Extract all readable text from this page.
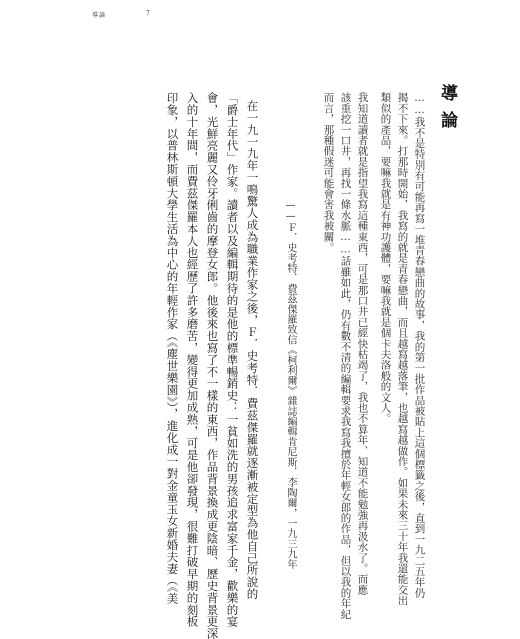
導論	7
導論
……我不是特別有可能再寫一堆青春戀曲的故事，我的第一批作品被貼上這個標籤之後，直到一九二五年仍
揭不下來。打那時開始，我寫的就是青春戀曲，而且越寫越落筆，也越寫越做作。如果未來三十年我還能交出
類似的產品，要嘛我就是有神功護體，要嘛我就是個卡夫洛般的文人。
我知道讀者就是指望我寫這種東西，可是那口井已經快枯竭了，我也不算年、知道不能勉強再汲水了。而應
該重挖一口井，再找一條水脈……話雖如此，仍有數不清的編輯要求我寫我擅於年輕女郎的作品，但以我的年紀
而言，那種假迷可能會害我被關。
——Ｆ．史考特．費茲傑羅致信《柯利爾》雜誌編輯肯尼斯．李陶爾，一九三九年
在一九一九年一鳴驚人成為職業作家之後，Ｆ．史考特．費茲傑羅就逐漸被定型為他自己所說的
「爵士年代」作家。讀者以及編輯期待的是他的標準暢銷史：一貧如洗的男孩追求富家千金，歡樂的宴
會，光鮮亮麗又伶牙俐齒的摩登女郎。他後來也寫了不一樣的東西，作品背景換成更陰暗、歷史背景更深
入的十年間，而費茲傑羅本人也經歷了許多磨苦，變得更加成熟，可是他卻發現，很難打破早期的刻板
印象，以普林斯頓大學生活為中心的年輕作家（《塵世樂園》），進化成一對金童玉女新婚夫妻（《美
